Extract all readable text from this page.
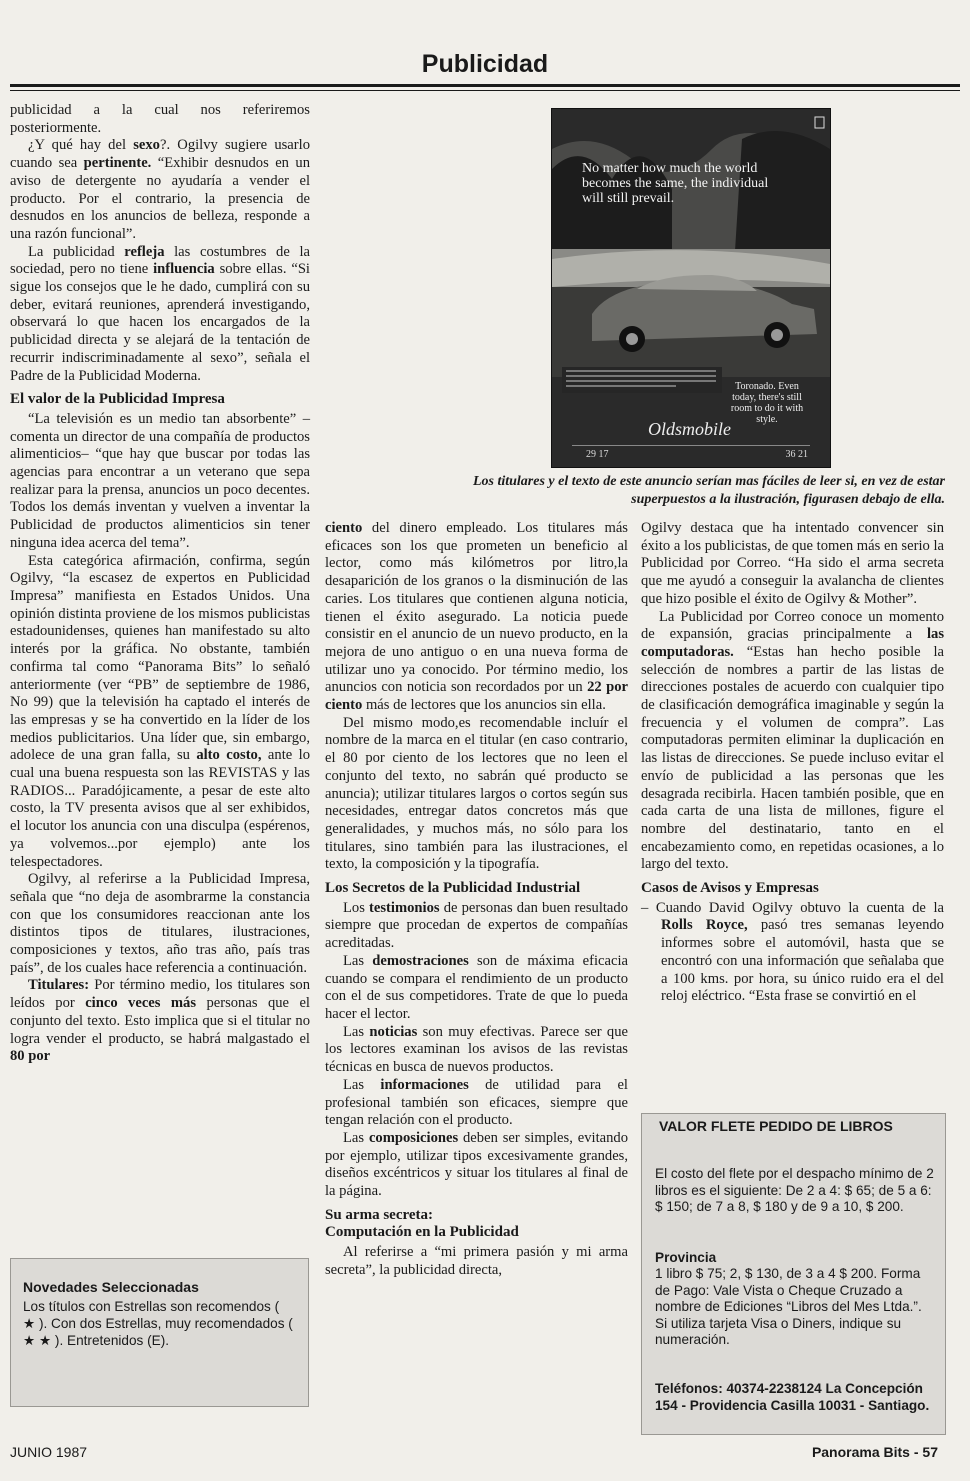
Publicidad

publicidad a la cual nos referiremos posteriormente.

¿Y qué hay del sexo?. Ogilvy sugiere usarlo cuando sea pertinente. “Exhibir desnudos en un aviso de detergente no ayudaría a vender el producto. Por el contrario, la presencia de desnudos en los anuncios de belleza, responde a una razón funcional”.

La publicidad refleja las costumbres de la sociedad, pero no tiene influencia sobre ellas. “Si sigue los consejos que le he dado, cumplirá con su deber, evitará reuniones, aprenderá investigando, observará lo que hacen los encargados de la publicidad directa y se alejará de la tentación de recurrir indiscriminadamente al sexo”, señala el Padre de la Publicidad Moderna.

El valor de la Publicidad Impresa

“La televisión es un medio tan absorbente” –comenta un director de una compañía de productos alimenticios– “que hay que buscar por todas las agencias para encontrar a un veterano que sepa realizar para la prensa, anuncios un poco decentes. Todos los demás inventan y vuelven a inventar la Publicidad de productos alimenticios sin tener ninguna idea acerca del tema”.

Esta categórica afirmación, confirma, según Ogilvy, “la escasez de expertos en Publicidad Impresa” manifiesta en Estados Unidos. Una opinión distinta proviene de los mismos publicistas estadounidenses, quienes han manifestado su alto interés por la gráfica. No obstante, también confirma tal como “Panorama Bits” lo señaló anteriormente (ver “PB” de septiembre de 1986, No 99) que la televisión ha captado el interés de las empresas y se ha convertido en la líder de los medios publicitarios. Una líder que, sin embargo, adolece de una gran falla, su alto costo, ante lo cual una buena respuesta son las REVISTAS y las RADIOS... Paradójicamente, a pesar de este alto costo, la TV presenta avisos que al ser exhibidos, el locutor los anuncia con una disculpa (espérenos, ya volvemos...por ejemplo) ante los telespectadores.

Ogilvy, al referirse a la Publicidad Impresa, señala que “no deja de asombrarme la constancia con que los consumidores reaccionan ante los distintos tipos de titulares, ilustraciones, composiciones y textos, año tras año, país tras país”, de los cuales hace referencia a continuación.

Titulares: Por término medio, los titulares son leídos por cinco veces más personas que el conjunto del texto. Esto implica que si el titular no logra vender el producto, se habrá malgastado el 80 por

No matter how much the world becomes the same, the individual will still prevail.
Toronado. Even today, there's still room to do it with style.
Oldsmobile
29 17	36 21
Los titulares y el texto de este anuncio serían mas fáciles de leer si, en vez de estar superpuestos a la ilustración, figurasen debajo de ella.

ciento del dinero empleado. Los titulares más eficaces son los que prometen un beneficio al lector, como más kilómetros por litro,la desaparición de los granos o la disminución de las caries. Los titulares que contienen alguna noticia, tienen el éxito asegurado. La noticia puede consistir en el anuncio de un nuevo producto, en la mejora de uno antiguo o en una nueva forma de utilizar uno ya conocido. Por término medio, los anuncios con noticia son recordados por un 22 por ciento más de lectores que los anuncios sin ella.

Del mismo modo,es recomendable incluír el nombre de la marca en el titular (en caso contrario, el 80 por ciento de los lectores que no leen el conjunto del texto, no sabrán qué producto se anuncia); utilizar titulares largos o cortos según sus necesidades, entregar datos concretos más que generalidades, y muchos más, no sólo para los titulares, sino también para las ilustraciones, el texto, la composición y la tipografía.

Los Secretos de la Publicidad Industrial

Los testimonios de personas dan buen resultado siempre que procedan de expertos de compañías acreditadas.

Las demostraciones son de máxima eficacia cuando se compara el rendimiento de un producto con el de sus competidores. Trate de que lo pueda hacer el lector.

Las noticias son muy efectivas. Parece ser que los lectores examinan los avisos de las revistas técnicas en busca de nuevos productos.

Las informaciones de utilidad para el profesional también son eficaces, siempre que tengan relación con el producto.

Las composiciones deben ser simples, evitando por ejemplo, utilizar tipos excesivamente grandes, diseños excéntricos y situar los titulares al final de la página.

Su arma secreta:
Computación en la Publicidad

Al referirse a “mi primera pasión y mi arma secreta”, la publicidad directa,

Ogilvy destaca que ha intentado convencer sin éxito a los publicistas, de que tomen más en serio la Publicidad por Correo. “Ha sido el arma secreta que me ayudó a conseguir la avalancha de clientes que hizo posible el éxito de Ogilvy & Mother”.

La Publicidad por Correo conoce un momento de expansión, gracias principalmente a las computadoras. “Estas han hecho posible la selección de nombres a partir de las listas de direcciones postales de acuerdo con cualquier tipo de clasificación demográfica imaginable y según la frecuencia y el volumen de compra”. Las computadoras permiten eliminar la duplicación en las listas de direcciones. Se puede incluso evitar el envío de publicidad a las personas que les desagrada recibirla. Hacen también posible, que en cada carta de una lista de millones, figure el nombre del destinatario, tanto en el encabezamiento como, en repetidas ocasiones, a lo largo del texto.

Casos de Avisos y Empresas

– Cuando David Ogilvy obtuvo la cuenta de la Rolls Royce, pasó tres semanas leyendo informes sobre el automóvil, hasta que se encontró con una información que señalaba que a 100 kms. por hora, su único ruido era el del reloj eléctrico. “Esta frase se convirtió en el

Novedades Seleccionadas
Los títulos con Estrellas son recomendos ( ★ ). Con dos Estrellas, muy recomendados ( ★ ★ ). Entretenidos (E).
VALOR FLETE PEDIDO DE LIBROS
El costo del flete por el despacho mínimo de 2 libros es el siguiente: De 2 a 4: $ 65; de 5 a 6: $ 150; de 7 a 8, $ 180 y de 9 a 10, $ 200.
Provincia
1 libro $ 75; 2, $ 130, de 3 a 4 $ 200. Forma de Pago: Vale Vista o Cheque Cruzado a nombre de Ediciones “Libros del Mes Ltda.”. Si utiliza tarjeta Visa o Diners, indique su numeración.
Teléfonos: 40374-2238124 La Concepción 154 - Providencia Casilla 10031 - Santiago.
JUNIO 1987	Panorama Bits - 57
